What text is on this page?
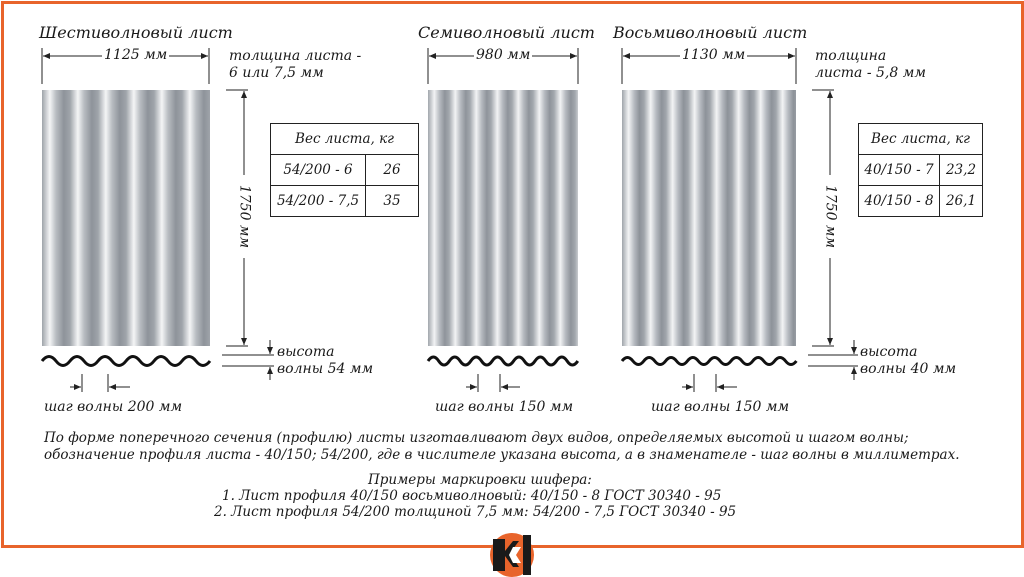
Шестиволновый лист	Семиволновый лист Восьмиволновый лист
1125 мм	980 мм	1130 мм
толщина листа -
6 или 7,5 мм
толщина
листа - 5,8 мм
1750 мм	1750 мм
Вес листа, кг	
54/200 - 6	26
54/200 - 7,5	35
Вес листа, кг	
40/150 - 7	23,2
40/150 - 8	26,1
высота
волны 54 мм
высота
волны 40 мм
шаг волны 200 мм	шаг волны 150 мм	шаг волны 150 мм
По форме поперечного сечения (профилю) листы изготавливают двух видов, определяемых высотой и шагом волны;
обозначение профиля листа - 40/150; 54/200, где в числителе указана высота, а в знаменателе - шаг волны в миллиметрах.
Примеры маркировки шифера:
1. Лист профиля 40/150 восьмиволновый: 40/150 - 8 ГОСТ 30340 - 95
2. Лист профиля 54/200 толщиной 7,5 мм: 54/200 - 7,5 ГОСТ 30340 - 95
